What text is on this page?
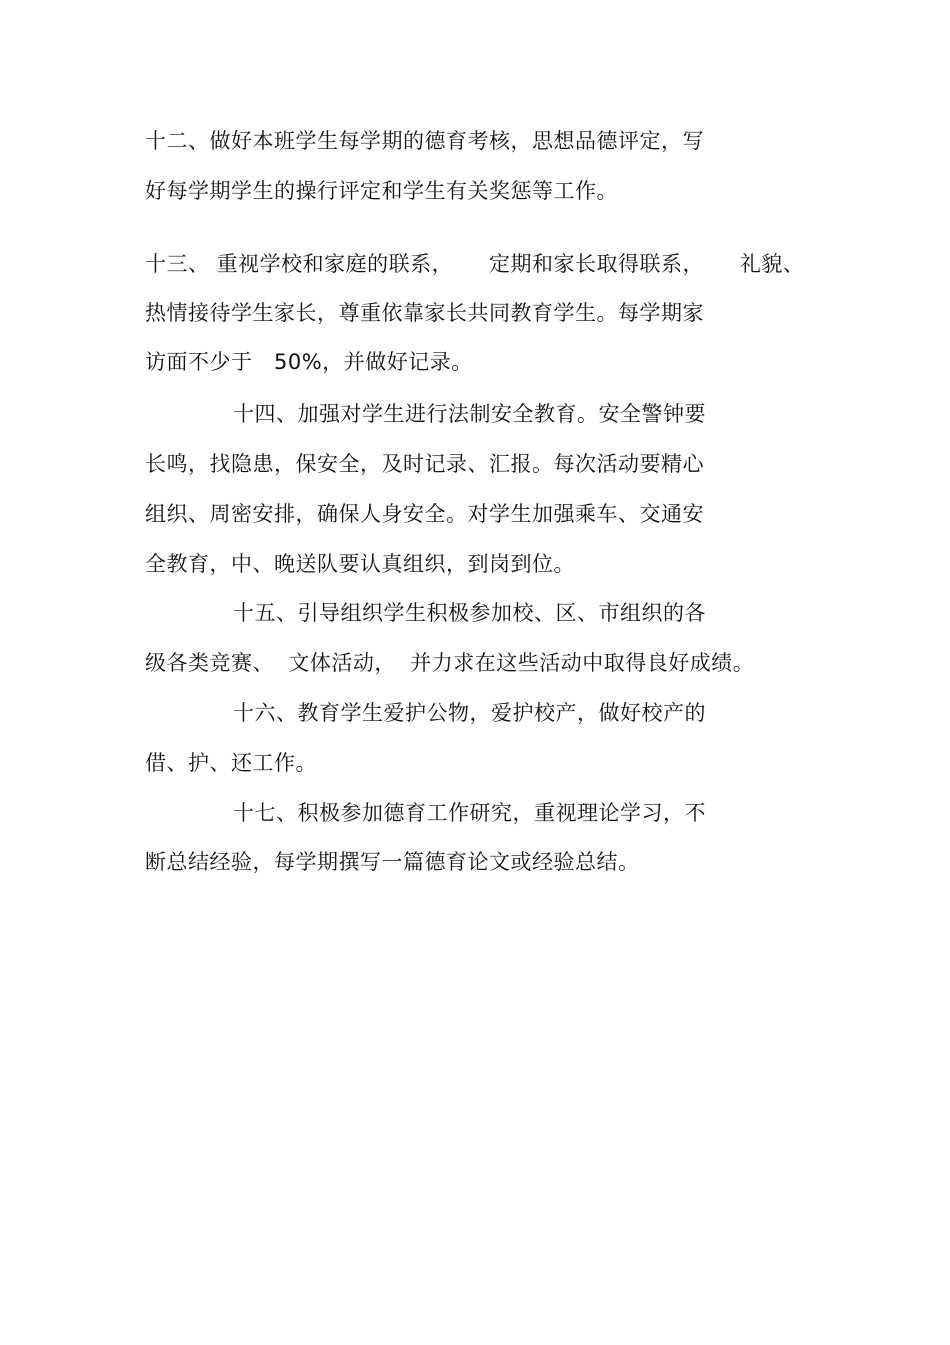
十二、做好本班学生每学期的德育考核，思想品德评定，写
好每学期学生的操行评定和学生有关奖惩等工作。
十三、 重视学校和家庭的联系，     定期和家长取得联系，     礼貌、
热情接待学生家长，尊重依靠家长共同教育学生。每学期家
访面不少于   50%，并做好记录。
十四、加强对学生进行法制安全教育。安全警钟要
长鸣，找隐患，保安全，及时记录、汇报。每次活动要精心
组织、周密安排，确保人身安全。对学生加强乘车、交通安
全教育，中、晚送队要认真组织，到岗到位。
十五、引导组织学生积极参加校、区、市组织的各
级各类竞赛、  文体活动，  并力求在这些活动中取得良好成绩。
十六、教育学生爱护公物，爱护校产，做好校产的
借、护、还工作。
十七、积极参加德育工作研究，重视理论学习，不
断总结经验，每学期撰写一篇德育论文或经验总结。
